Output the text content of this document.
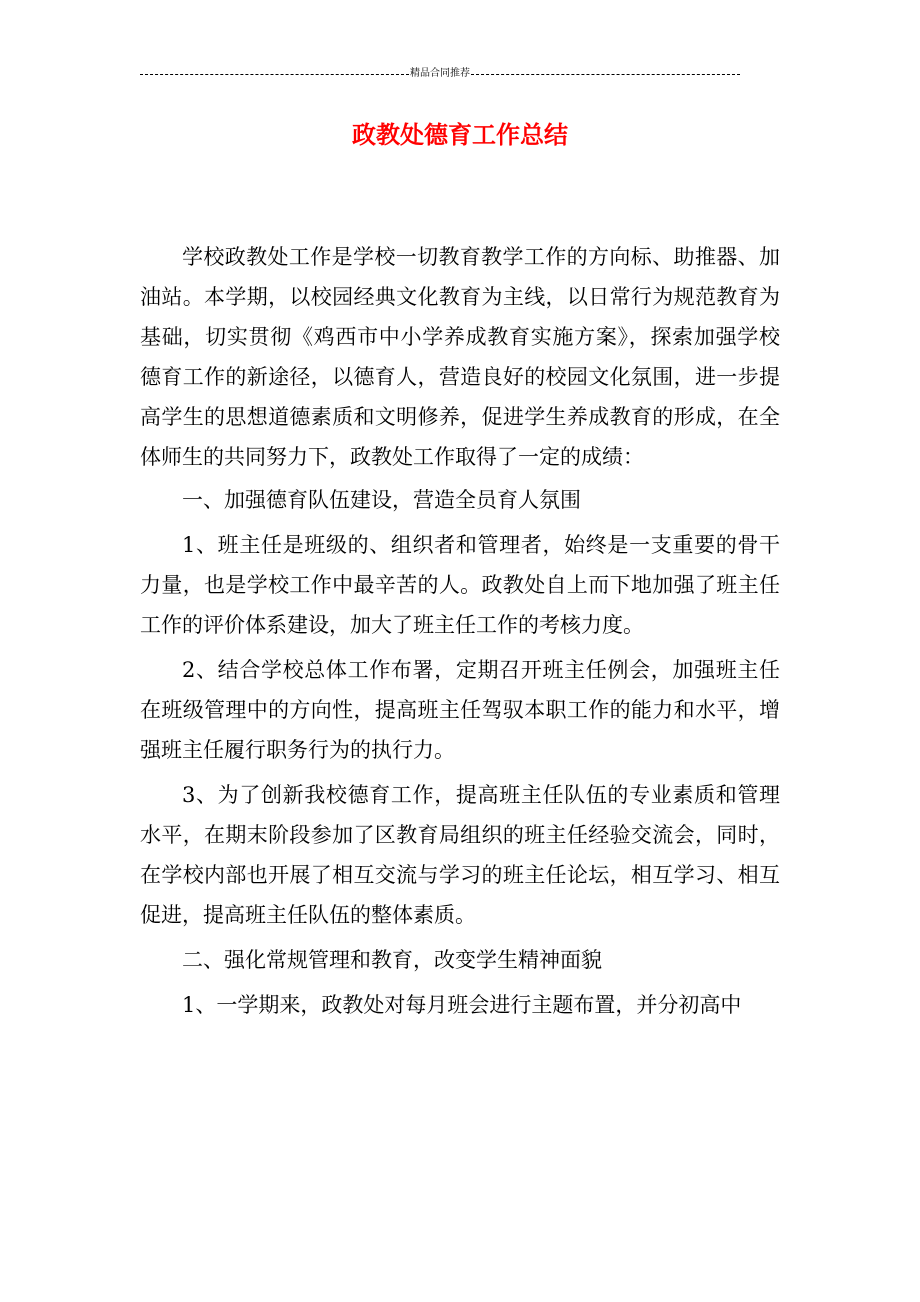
精品合同推荐
政教处德育工作总结

学校政教处工作是学校一切教育教学工作的方向标、助推器、加油站。本学期，以校园经典文化教育为主线，以日常行为规范教育为基础，切实贯彻《鸡西市中小学养成教育实施方案》，探索加强学校德育工作的新途径，以德育人，营造良好的校园文化氛围，进一步提高学生的思想道德素质和文明修养，促进学生养成教育的形成，在全体师生的共同努力下，政教处工作取得了一定的成绩：

一、加强德育队伍建设，营造全员育人氛围

1、班主任是班级的、组织者和管理者，始终是一支重要的骨干力量，也是学校工作中最辛苦的人。政教处自上而下地加强了班主任工作的评价体系建设，加大了班主任工作的考核力度。

2、结合学校总体工作布署，定期召开班主任例会，加强班主任在班级管理中的方向性，提高班主任驾驭本职工作的能力和水平，增强班主任履行职务行为的执行力。

3、为了创新我校德育工作，提高班主任队伍的专业素质和管理水平，在期末阶段参加了区教育局组织的班主任经验交流会，同时，在学校内部也开展了相互交流与学习的班主任论坛，相互学习、相互促进，提高班主任队伍的整体素质。

二、强化常规管理和教育，改变学生精神面貌

1、一学期来，政教处对每月班会进行主题布置，并分初高中
